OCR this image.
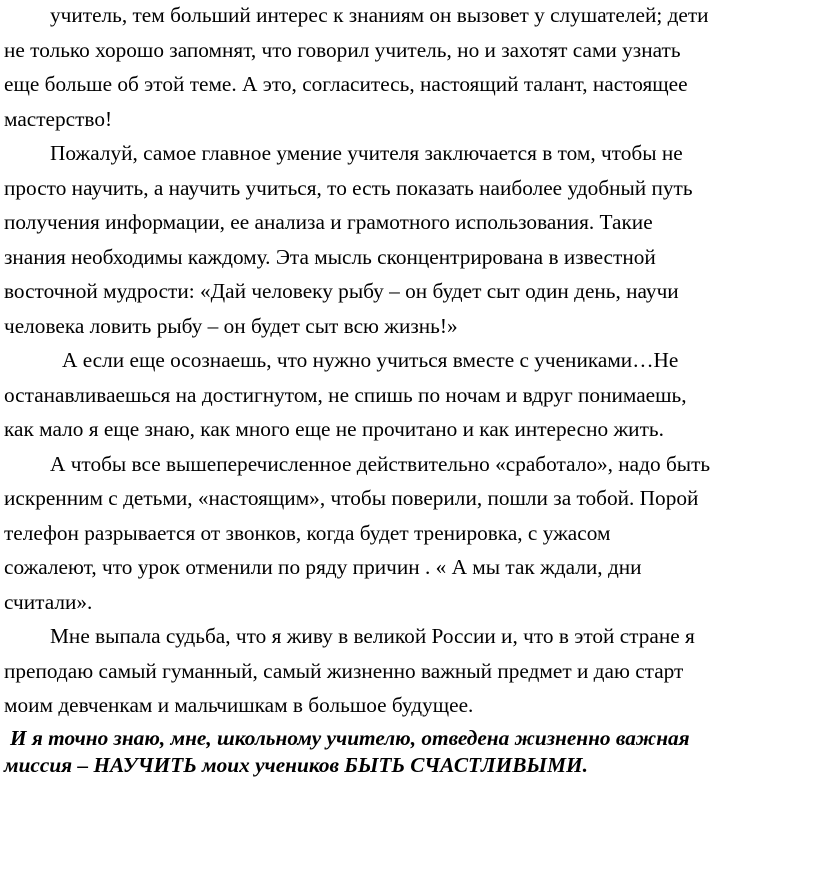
учитель, тем больший интерес к знаниям он вызовет у слушателей; дети
не только хорошо запомнят, что говорил учитель, но и захотят сами узнать
еще больше об этой теме. А это, согласитесь, настоящий талант, настоящее
мастерство!
Пожалуй, самое главное умение учителя заключается в том, чтобы не
просто научить, а научить учиться, то есть показать наиболее удобный путь
получения информации, ее анализа и грамотного использования. Такие
знания необходимы каждому. Эта мысль сконцентрирована в известной
восточной мудрости: «Дай человеку рыбу – он будет сыт один день, научи
человека ловить рыбу – он будет сыт всю жизнь!»
А если еще осознаешь, что нужно учиться вместе с учениками…Не
останавливаешься на достигнутом, не спишь по ночам и вдруг понимаешь,
как мало я еще знаю, как много еще не прочитано и как интересно жить.
А чтобы все вышеперечисленное действительно «сработало», надо быть
искренним с детьми, «настоящим», чтобы поверили, пошли за тобой. Порой
телефон разрывается от звонков, когда будет тренировка, с ужасом
сожалеют, что урок отменили по ряду причин . « А мы так ждали, дни
считали».
Мне выпала судьба, что я живу в великой России и, что в этой стране я
преподаю самый гуманный, самый жизненно важный предмет и даю старт
моим девченкам и мальчишкам в большое будущее.
И я точно знаю, мне, школьному учителю, отведена жизненно важная
миссия – НАУЧИТЬ моих учеников БЫТЬ СЧАСТЛИВЫМИ.
